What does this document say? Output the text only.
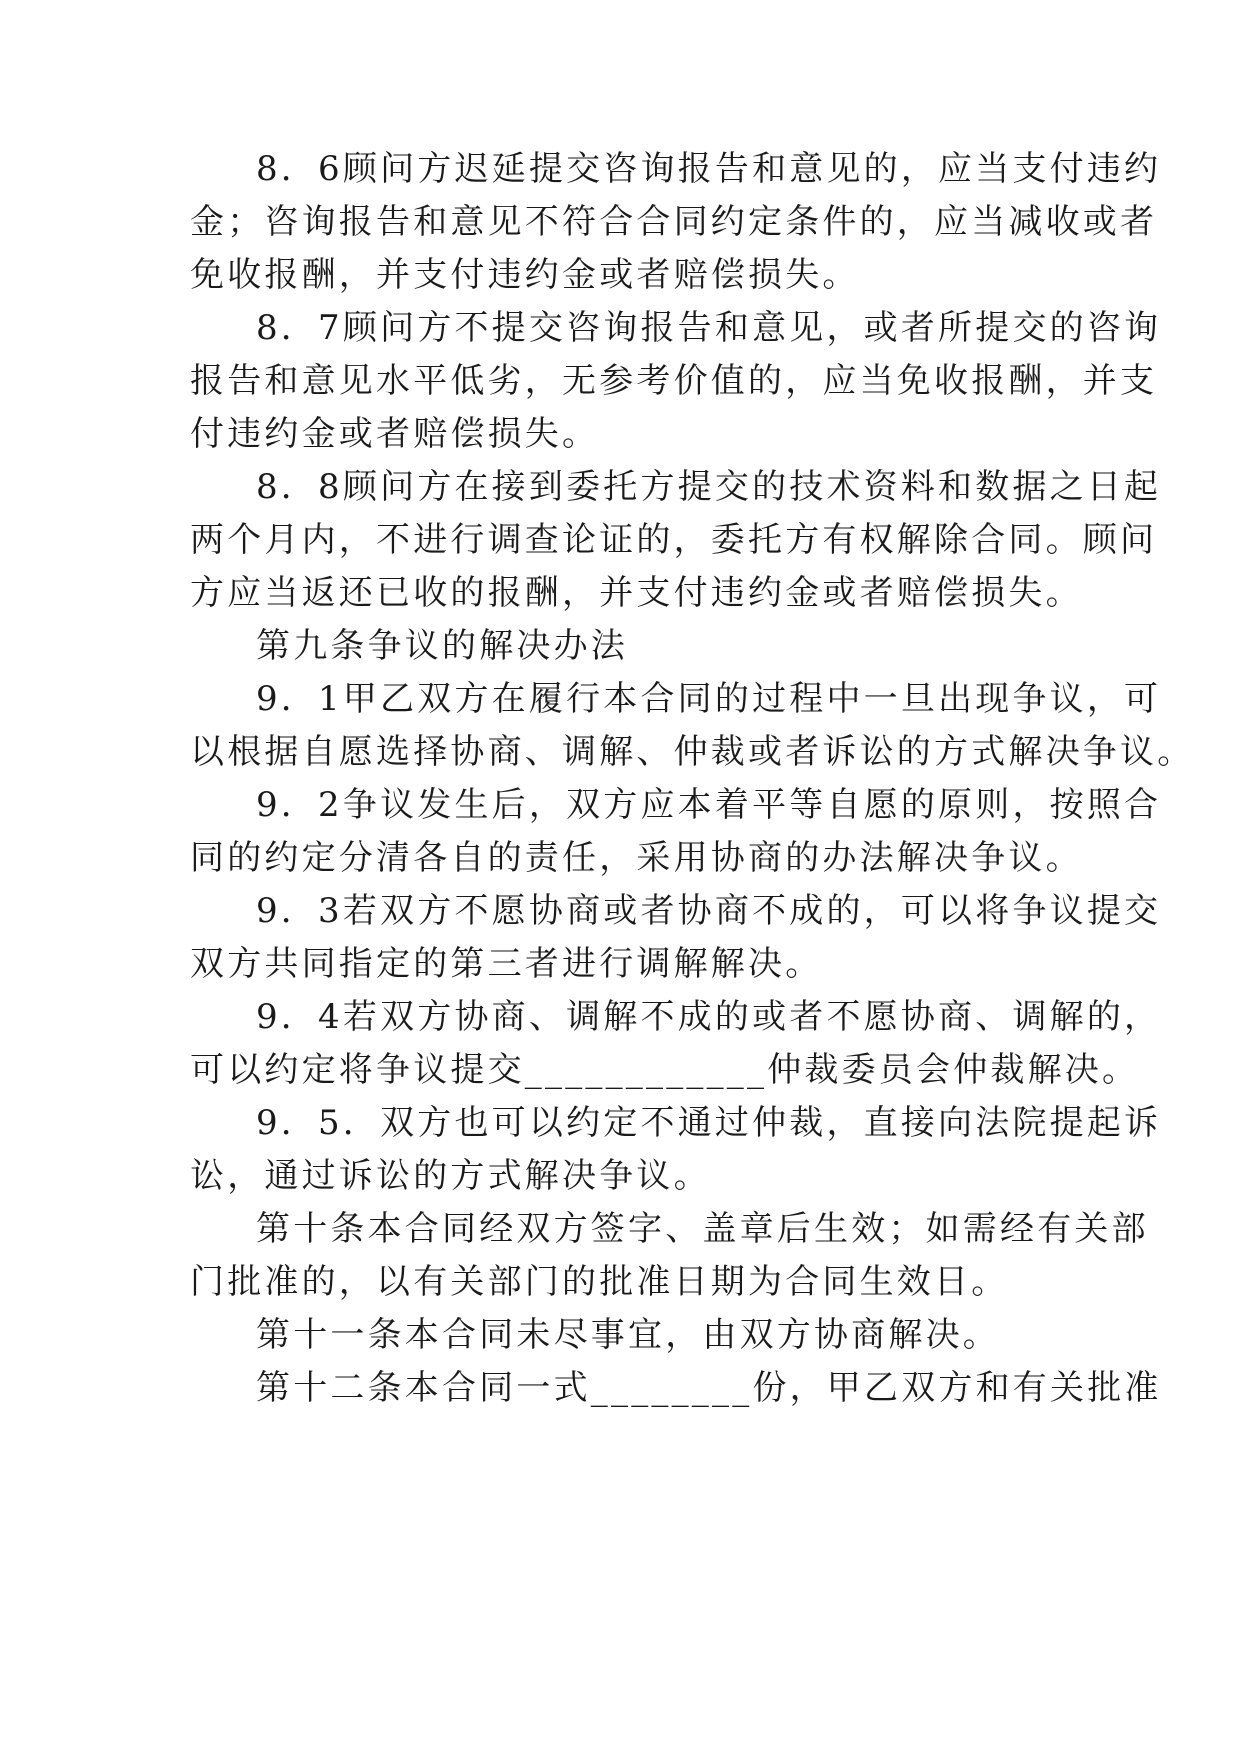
8．6顾问方迟延提交咨询报告和意见的，应当支付违约
金；咨询报告和意见不符合合同约定条件的，应当减收或者
免收报酬，并支付违约金或者赔偿损失。
8．7顾问方不提交咨询报告和意见，或者所提交的咨询
报告和意见水平低劣，无参考价值的，应当免收报酬，并支
付违约金或者赔偿损失。
8．8顾问方在接到委托方提交的技术资料和数据之日起
两个月内，不进行调查论证的，委托方有权解除合同。顾问
方应当返还已收的报酬，并支付违约金或者赔偿损失。
第九条争议的解决办法
9．1甲乙双方在履行本合同的过程中一旦出现争议，可
以根据自愿选择协商、调解、仲裁或者诉讼的方式解决争议。
9．2争议发生后，双方应本着平等自愿的原则，按照合
同的约定分清各自的责任，采用协商的办法解决争议。
9．3若双方不愿协商或者协商不成的，可以将争议提交
双方共同指定的第三者进行调解解决。
9．4若双方协商、调解不成的或者不愿协商、调解的，
可以约定将争议提交____________仲裁委员会仲裁解决。
9．5．双方也可以约定不通过仲裁，直接向法院提起诉
讼，通过诉讼的方式解决争议。
第十条本合同经双方签字、盖章后生效；如需经有关部
门批准的，以有关部门的批准日期为合同生效日。
第十一条本合同未尽事宜，由双方协商解决。
第十二条本合同一式________份，甲乙双方和有关批准
